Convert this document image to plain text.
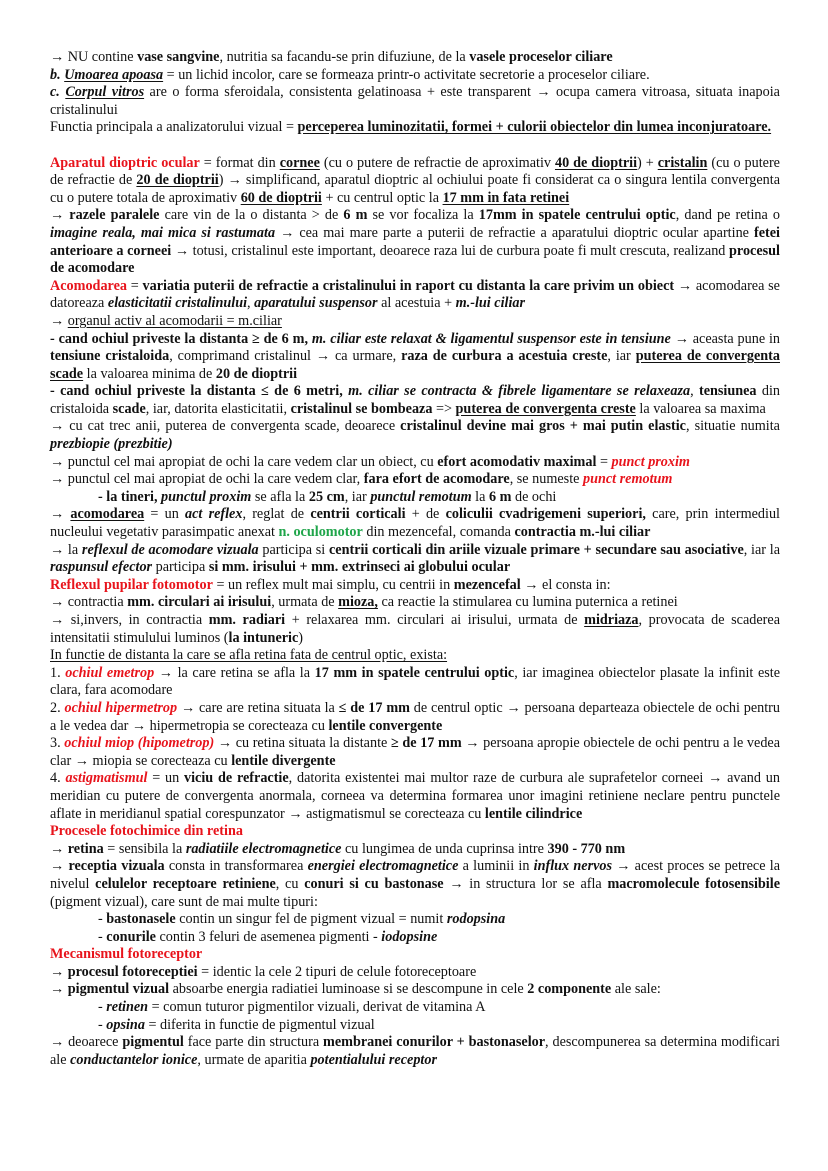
→ NU contine vase sangvine, nutritia sa facandu-se prin difuziune, de la vasele proceselor ciliare

b. Umoarea apoasa = un lichid incolor, care se formeaza printr-o activitate secretorie a proceselor ciliare.

c. Corpul vitros are o forma sferoidala, consistenta gelatinoasa + este transparent → ocupa camera vitroasa, situata inapoia cristalinului

Functia principala a analizatorului vizual = perceperea luminozitatii, formei + culorii obiectelor din lumea inconjuratoare.

Aparatul dioptric ocular = format din cornee (cu o putere de refractie de aproximativ 40 de dioptrii) + cristalin (cu o putere de refractie de 20 de dioptrii) → simplificand, aparatul dioptric al ochiului poate fi considerat ca o singura lentila convergenta cu o putere totala de aproximativ 60 de dioptrii + cu centrul optic la 17 mm in fata retinei

→ razele paralele care vin de la o distanta > de 6 m se vor focaliza la 17mm in spatele centrului optic, dand pe retina o imagine reala, mai mica si rastumata → cea mai mare parte a puterii de refractie a aparatului dioptric ocular apartine fetei anterioare a corneei → totusi, cristalinul este important, deoarece raza lui de curbura poate fi mult crescuta, realizand procesul de acomodare

Acomodarea = variatia puterii de refractie a cristalinului in raport cu distanta la care privim un obiect → acomodarea se datoreaza elasticitatii cristalinului, aparatului suspensor al acestuia + m.-lui ciliar

→ organul activ al acomodarii = m.ciliar

- cand ochiul priveste la distanta ≥ de 6 m, m. ciliar este relaxat & ligamentul suspensor este in tensiune → aceasta pune in tensiune cristaloida, comprimand cristalinul → ca urmare, raza de curbura a acestuia creste, iar puterea de convergenta scade la valoarea minima de 20 de dioptrii

- cand ochiul priveste la distanta ≤ de 6 metri, m. ciliar se contracta & fibrele ligamentare se relaxeaza, tensiunea din cristaloida scade, iar, datorita elasticitatii, cristalinul se bombeaza => puterea de convergenta creste la valoarea sa maxima

→ cu cat trec anii, puterea de convergenta scade, deoarece cristalinul devine mai gros + mai putin elastic, situatie numita prezbiopie (prezbitie)

→ punctul cel mai apropiat de ochi la care vedem clar un obiect, cu efort acomodativ maximal = punct proxim

→ punctul cel mai apropiat de ochi la care vedem clar, fara efort de acomodare, se numeste punct remotum

- la tineri, punctul proxim se afla la 25 cm, iar punctul remotum la 6 m de ochi

→ acomodarea = un act reflex, reglat de centrii corticali + de coliculii cvadrigemeni superiori, care, prin intermediul nucleului vegetativ parasimpatic anexat n. oculomotor din mezencefal, comanda contractia m.-lui ciliar

→ la reflexul de acomodare vizuala participa si centrii corticali din ariile vizuale primare + secundare sau asociative, iar la raspunsul efector participa si mm. irisului + mm. extrinseci ai globului ocular

Reflexul pupilar fotomotor = un reflex mult mai simplu, cu centrii in mezencefal → el consta in:

→ contractia mm. circulari ai irisului, urmata de mioza, ca reactie la stimularea cu lumina puternica a retinei

→ si,invers, in contractia mm. radiari + relaxarea mm. circulari ai irisului, urmata de midriaza, provocata de scaderea intensitatii stimulului luminos (la intuneric)

In functie de distanta la care se afla retina fata de centrul optic, exista:

1. ochiul emetrop → la care retina se afla la 17 mm in spatele centrului optic, iar imaginea obiectelor plasate la infinit este clara, fara acomodare

2. ochiul hipermetrop → care are retina situata la ≤ de 17 mm de centrul optic → persoana departeaza obiectele de ochi pentru a le vedea dar → hipermetropia se corecteaza cu lentile convergente

3. ochiul miop (hipometrop) → cu retina situata la distante ≥ de 17 mm → persoana apropie obiectele de ochi pentru a le vedea clar → miopia se corecteaza cu lentile divergente

4. astigmatismul = un viciu de refractie, datorita existentei mai multor raze de curbura ale suprafetelor corneei → avand un meridian cu putere de convergenta anormala, corneea va determina formarea unor imagini retiniene neclare pentru punctele aflate in meridianul spatial corespunzator → astigmatismul se corecteaza cu lentile cilindrice

Procesele fotochimice din retina

→ retina = sensibila la radiatiile electromagnetice cu lungimea de unda cuprinsa intre 390 - 770 nm

→ receptia vizuala consta in transformarea energiei electromagnetice a luminii in influx nervos → acest proces se petrece la nivelul celulelor receptoare retiniene, cu conuri si cu bastonase → in structura lor se afla macromolecule fotosensibile (pigment vizual), care sunt de mai multe tipuri:

- bastonasele contin un singur fel de pigment vizual = numit rodopsina

- conurile contin 3 feluri de asemenea pigmenti - iodopsine

Mecanismul fotoreceptor

→ procesul fotoreceptiei = identic la cele 2 tipuri de celule fotoreceptoare

→ pigmentul vizual absoarbe energia radiatiei luminoase si se descompune in cele 2 componente ale sale:

- retinen = comun tuturor pigmentilor vizuali, derivat de vitamina A

- opsina = diferita in functie de pigmentul vizual

→ deoarece pigmentul face parte din structura membranei conurilor + bastonaselor, descompunerea sa determina modificari ale conductantelor ionice, urmate de aparitia potentialului receptor
